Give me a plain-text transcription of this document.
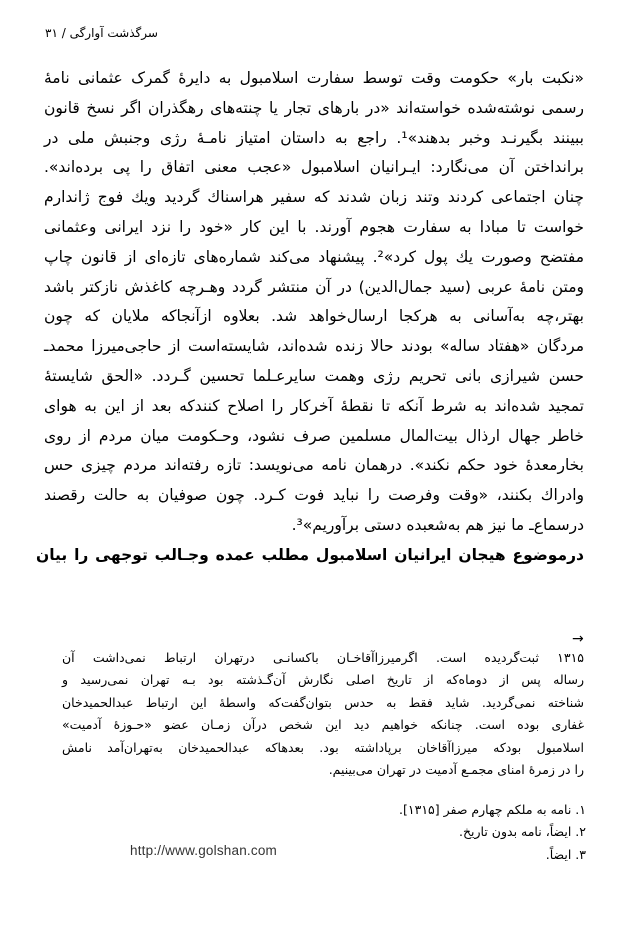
سرگذشت آوارگی / ۳۱
«نکبت بار» حکومت وقت توسط سفارت اسلامبول به دایرهٔ گمرک عثمانی نامهٔ
رسمی نوشته‌شده خواسته‌اند «در بارهای تجار یا چنته‌های رهگذران اگر نسخ قانون
ببینند بگیرنـد وخبر بدهند»¹. راجع به داستان امتیاز نامـهٔ رژی وجنبش ملی در
برانداختن آن می‌نگارد: ایـرانیان اسلامبول «عجب معنی اتفاق را پی برده‌اند».
چنان اجتماعی کردند وتند زبان شدند که سفیر هراسناك گردید ویك فوج ژاندارم
خواست تا مبادا به سفارت هجوم آورند. با این کار «خود را نزد ایرانی وعثمانی
مفتضح وصورت یك پول کرد»². پیشنهاد می‌کند شماره‌های تازه‌ای از قانون چاپ
ومتن نامهٔ عربی (سید جمال‌الدین) در آن منتشر گردد وهـرچه کاغذش نازکتر باشد
بهتر،چه به‌آسانی به هرکجا ارسال‌خواهد شد. بعلاوه ازآنجاکه ملایان که چون
مردگان «هفتاد ساله» بودند حالا زنده شده‌اند، شایسته‌است از حاجی‌میرزا محمد‌ـ
حسن شیرازی بانی تحریم رژی وهمت سایرعـلما تحسین گـردد. «الحق شایستهٔ
تمجید شده‌اند به شرط آنکه تا نقطهٔ آخرکار را اصلاح کنندکه بعد از این به هوای
خاطر جهال ارذال بیت‌المال مسلمین صرف نشود، وحـکومت میان مردم از روی
بخارمعدهٔ خود حکم نکند». درهمان نامه می‌نویسد: تازه رفته‌اند مردم چیزی حس
وادراك بکنند، «وقت وفرصت را نباید فوت کـرد. چون صوفیان به حالت رقصند
درسماع‌ـ ما نیز هم به‌شعبده دستی برآوریم»³.
درموضوع هیجان ایرانیان اسلامبول مطلب عمده وجـالب توجهی را بیان
→
۱۳۱۵ ثبت‌گردیده است. اگرمیرزاآقاخـان باکسانـی درتهران ارتباط نمی‌داشت آن
رساله پس از دوماه‌که از تاریخ اصلی نگارش آن‌گـذشته بود بـه تهران نمی‌رسید و
شناخته نمی‌گردید. شاید فقط به حدس بتوان‌گفت‌که واسطهٔ این ارتباط عبدالحمیدخان
غفاری بوده است. چنانکه خواهیم دید این شخص درآن زمـان عضو «حـوزهٔ آدمیت»
اسلامبول بودکه میرزاآقاخان برپاداشته بود. بعدهاکه عبدالحمیدخان به‌تهران‌آمد نامش
را در زمرهٔ امنای مجمـع آدمیت در تهران می‌بینیم.
۱. نامه به ملکم چهارم صفر [۱۳۱۵].
۲. ایضاً، نامه بدون تاریخ.
۳. ایضاً.
http://www.golshan.com
